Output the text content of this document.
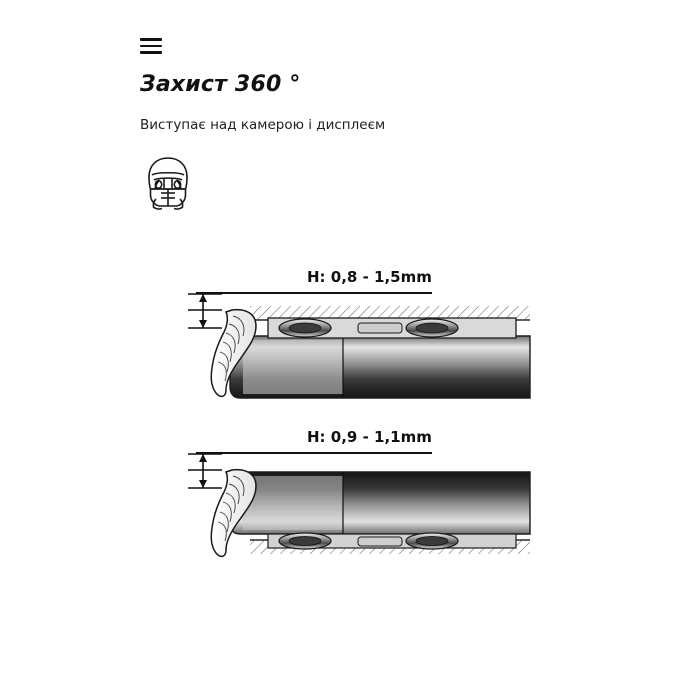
Захист 360 °
Виступає над камерою і дисплеєм
H: 0,8 - 1,5mm
H: 0,9 - 1,1mm
